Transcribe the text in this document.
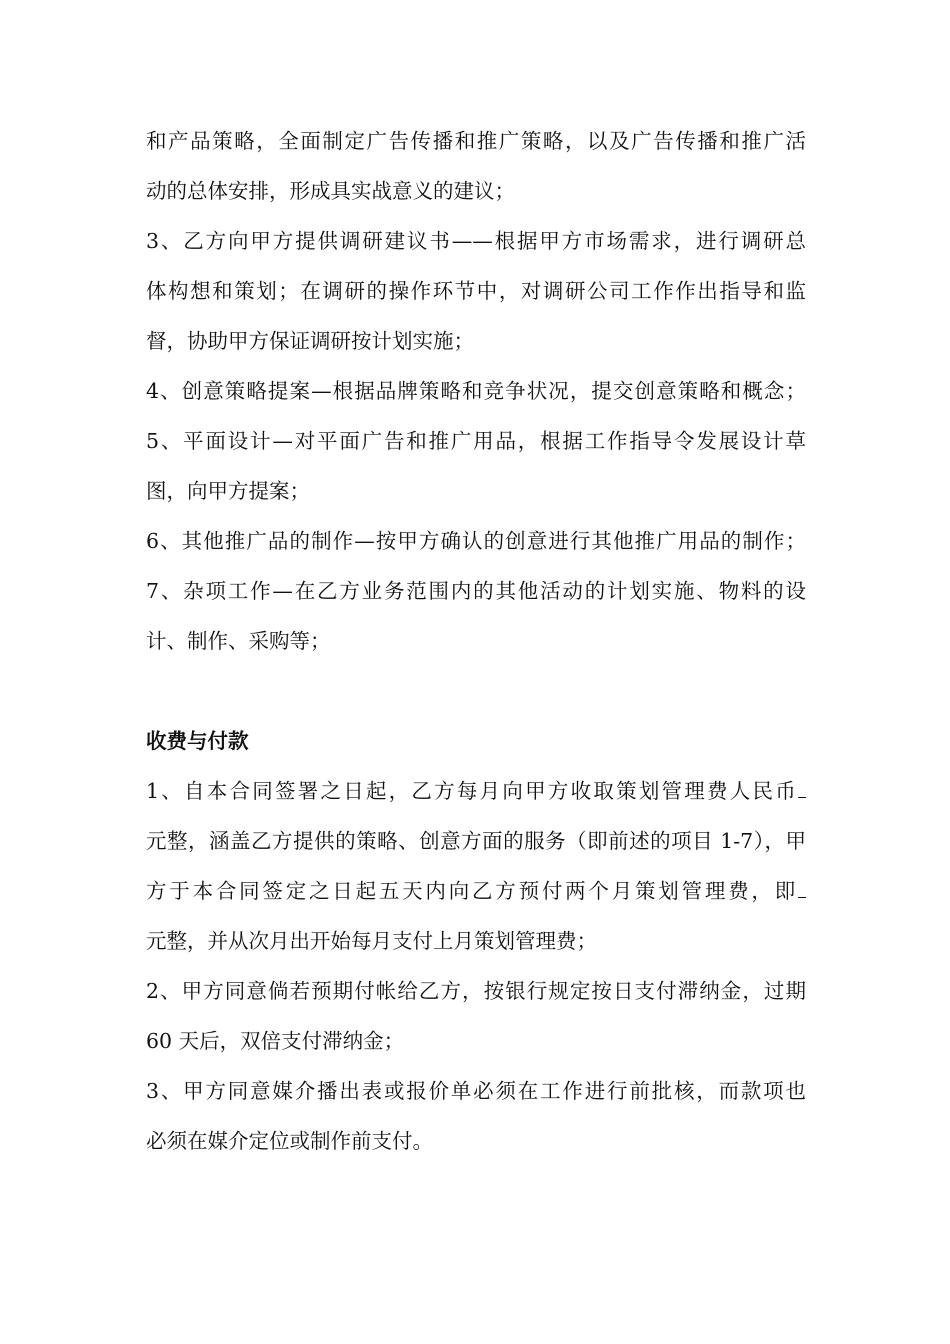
和产品策略，全面制定广告传播和推广策略，以及广告传播和推广活
动的总体安排，形成具实战意义的建议；
3、乙方向甲方提供调研建议书——根据甲方市场需求，进行调研总
体构想和策划；在调研的操作环节中，对调研公司工作作出指导和监
督，协助甲方保证调研按计划实施；
4、创意策略提案—根据品牌策略和竞争状况，提交创意策略和概念；
5、平面设计—对平面广告和推广用品，根据工作指导令发展设计草
图，向甲方提案；
6、其他推广品的制作—按甲方确认的创意进行其他推广用品的制作；
7、杂项工作—在乙方业务范围内的其他活动的计划实施、物料的设
计、制作、采购等；
收费与付款
1、自本合同签署之日起，乙方每月向甲方收取策划管理费人民币
元整，涵盖乙方提供的策略、创意方面的服务（即前述的项目 1-7），甲
方于本合同签定之日起五天内向乙方预付两个月策划管理费，即
元整，并从次月出开始每月支付上月策划管理费；
2、甲方同意倘若预期付帐给乙方，按银行规定按日支付滞纳金，过期
60 天后，双倍支付滞纳金；
3、甲方同意媒介播出表或报价单必须在工作进行前批核，而款项也
必须在媒介定位或制作前支付。
